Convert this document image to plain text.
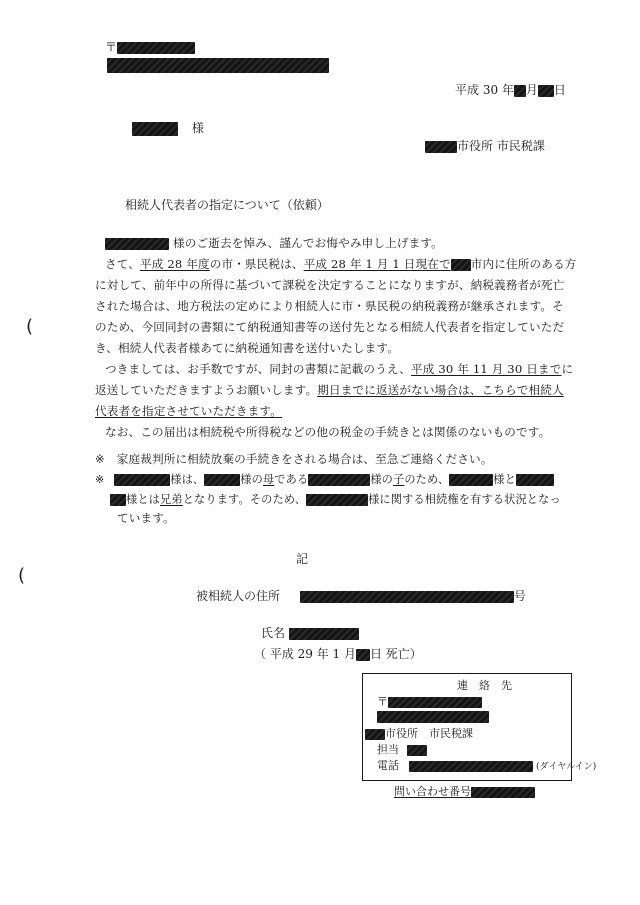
〒
平成 30 年 月 日
様
市役所 市民税課
相続人代表者の指定について（依頼）
様のご逝去を悼み、謹んでお悔やみ申し上げます。
さて、平成 28 年度の市・県民税は、平成 28 年 1 月 1 日現在で 市内に住所のある方
に対して、前年中の所得に基づいて課税を決定することになりますが、納税義務者が死亡
された場合は、地方税法の定めにより相続人に市・県民税の納税義務が継承されます。そ
のため、今回同封の書類にて納税通知書等の送付先となる相続人代表者を指定していただ
き、相続人代表者様あてに納税通知書を送付いたします。
つきましては、お手数ですが、同封の書類に記載のうえ、平成 30 年 11 月 30 日までに
返送していただきますようお願いします。期日までに返送がない場合は、こちらで相続人
代表者を指定させていただきます。
なお、この届出は相続税や所得税などの他の税金の手続きとは関係のないものです。
※ 家庭裁判所に相続放棄の手続きをされる場合は、至急ご連絡ください。
※	様は、	様の母である	様の子のため、	様と
様とは兄弟となります。そのため、	様に関する相続権を有する状況となっ
ています。
記
被相続人の住所	号
氏名
（ 平成 29 年 1 月 日 死亡）
連　絡　先
〒
市役所　市民税課
担当
電話	(ダイヤルイン)
問い合わせ番号
(
(
